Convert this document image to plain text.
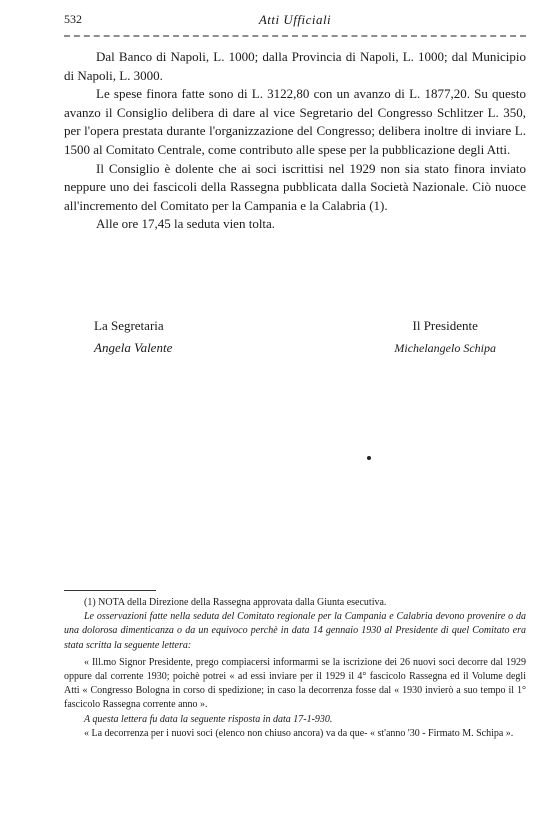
532	Atti Ufficiali

Dal Banco di Napoli, L. 1000; dalla Provincia di Napoli, L. 1000; dal Municipio di Napoli, L. 3000.

Le spese finora fatte sono di L. 3122,80 con un avanzo di L. 1877,20. Su questo avanzo il Consiglio delibera di dare al vice Segretario del Congresso Schlitzer L. 350, per l'opera prestata durante l'organizzazione del Congresso; delibera inoltre di inviare L. 1500 al Comitato Centrale, come contributo alle spese per la pubblicazione degli Atti.

Il Consiglio è dolente che ai soci iscrittisi nel 1929 non sia stato finora inviato neppure uno dei fascicoli della Rassegna pubblicata dalla Società Nazionale. Ciò nuoce all'incremento del Comitato per la Campania e la Calabria (1).

Alle ore 17,45 la seduta vien tolta.

La Segretaria
Angela Valente
Il Presidente
Michelangelo Schipa

(1) NOTA della Direzione della Rassegna approvata dalla Giunta esecutiva.

Le osservazioni fatte nella seduta del Comitato regionale per la Campania e Calabria devono provenire o da una dolorosa dimenticanza o da un equivoco perchè in data 14 gennaio 1930 al Presidente di quel Comitato era stata scritta la seguente lettera:

« Ill.mo Signor Presidente, prego compiacersi informarmi se la iscrizione dei 26 nuovi soci decorre dal 1929 oppure dal corrente 1930; poichè potrei « ad essi inviare per il 1929 il 4° fascicolo Rassegna ed il Volume degli Atti « Congresso Bologna in corso di spedizione; in caso la decorrenza fosse dal « 1930 invierò a suo tempo il 1° fascicolo Rassegna corrente anno ».

A questa lettera fu data la seguente risposta in data 17-1-930.

« La decorrenza per i nuovi soci (elenco non chiuso ancora) va da que- « st'anno '30 - Firmato M. Schipa ».
